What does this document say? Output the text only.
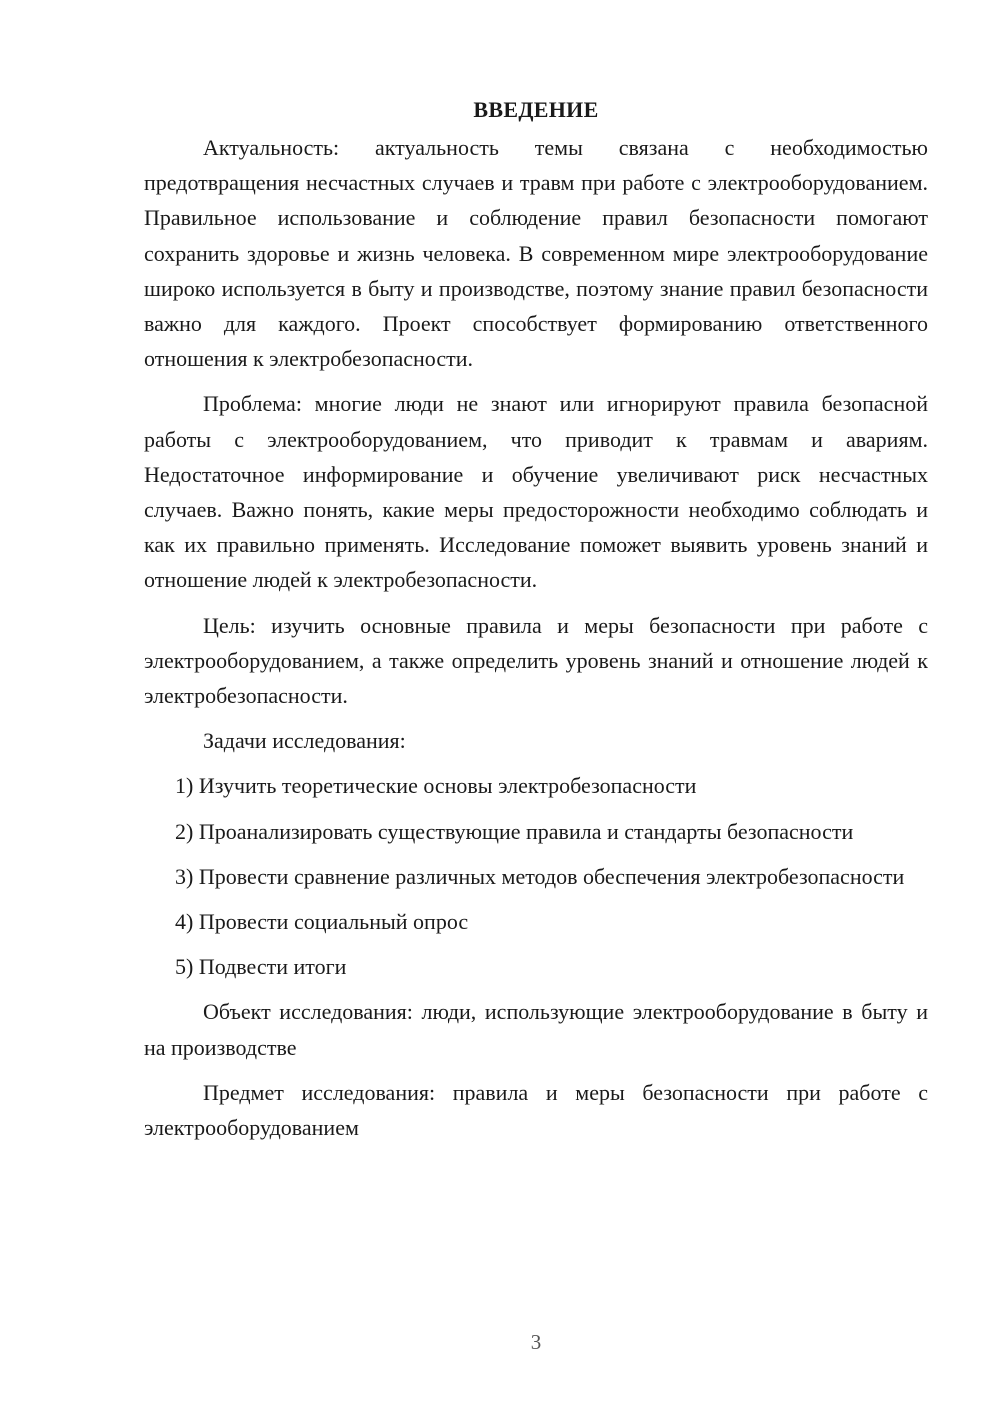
ВВЕДЕНИЕ

Актуальность: актуальность темы связана с необходимостью предотвращения несчастных случаев и травм при работе с электрооборудованием. Правильное использование и соблюдение правил безопасности помогают сохранить здоровье и жизнь человека. В современном мире электрооборудование широко используется в быту и производстве, поэтому знание правил безопасности важно для каждого. Проект способствует формированию ответственного отношения к электробезопасности.

Проблема: многие люди не знают или игнорируют правила безопасной работы с электрооборудованием, что приводит к травмам и авариям. Недостаточное информирование и обучение увеличивают риск несчастных случаев. Важно понять, какие меры предосторожности необходимо соблюдать и как их правильно применять. Исследование поможет выявить уровень знаний и отношение людей к электробезопасности.

Цель: изучить основные правила и меры безопасности при работе с электрооборудованием, а также определить уровень знаний и отношение людей к электробезопасности.

Задачи исследования:

1) Изучить теоретические основы электробезопасности

2) Проанализировать существующие правила и стандарты безопасности

3) Провести сравнение различных методов обеспечения электробезопасности

4) Провести социальный опрос

5) Подвести итоги

Объект исследования: люди, использующие электрооборудование в быту и на производстве

Предмет исследования: правила и меры безопасности при работе с электрооборудованием

3
